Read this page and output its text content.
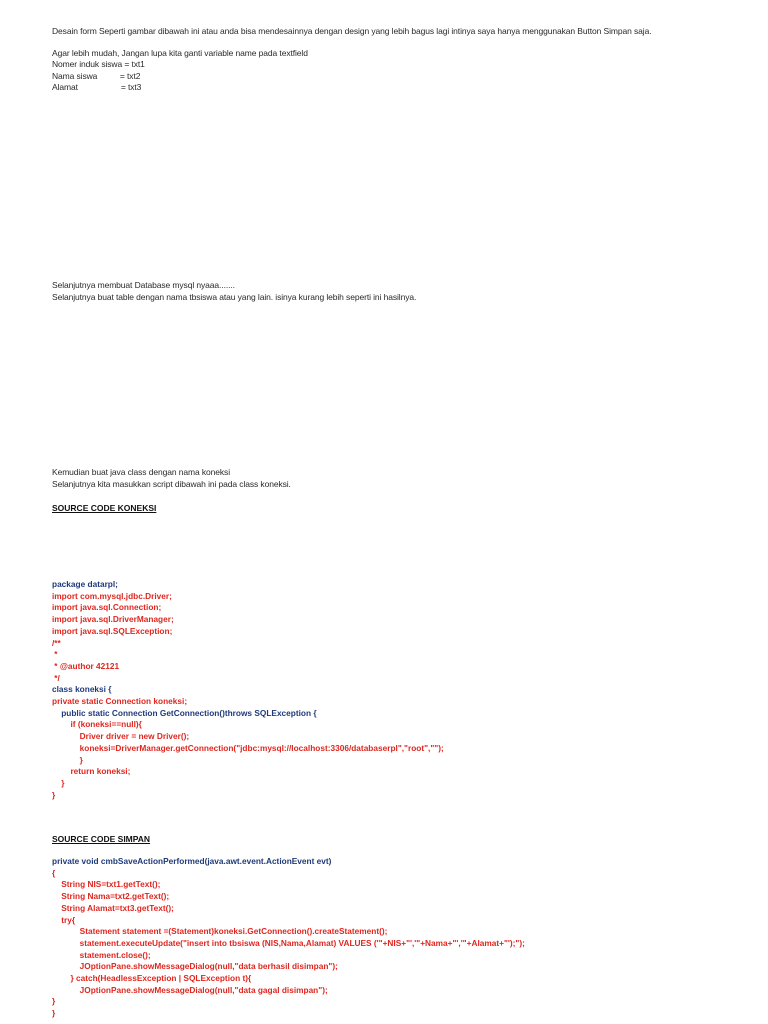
Desain form Seperti gambar dibawah ini atau anda bisa mendesainnya dengan design yang lebih bagus lagi intinya saya hanya menggunakan Button Simpan saja.
Agar lebih mudah, Jangan lupa kita ganti variable name pada textfield
Nomer induk siswa = txt1
Nama siswa          = txt2
Alamat                   = txt3
Selanjutnya membuat Database mysql nyaaa.......
Selanjutnya buat table dengan nama tbsiswa atau yang lain. isinya kurang lebih seperti ini hasilnya.
Kemudian buat java class dengan nama koneksi
Selanjutnya kita masukkan script dibawah ini pada class koneksi.
SOURCE CODE KONEKSI
package datarpl;
import com.mysql.jdbc.Driver;
import java.sql.Connection;
import java.sql.DriverManager;
import java.sql.SQLException;
/**
*
* @author 42121
*/
class koneksi {
private static Connection koneksi;
public static Connection GetConnection()throws SQLException {
if (koneksi==null){
Driver driver = new Driver();
koneksi=DriverManager.getConnection("jdbc:mysql://localhost:3306/databaserpl","root","");
}
return koneksi;
}
}
SOURCE CODE SIMPAN
private void cmbSaveActionPerformed(java.awt.event.ActionEvent evt)
{
String NIS=txt1.getText();
String Nama=txt2.getText();
String Alamat=txt3.getText();
try{
Statement statement =(Statement)koneksi.GetConnection().createStatement();
statement.executeUpdate("insert into tbsiswa (NIS,Nama,Alamat) VALUES ('"+NIS+"','"+Nama+"','"+Alamat+"');");
statement.close();
JOptionPane.showMessageDialog(null,"data berhasil disimpan");
} catch(HeadlessException | SQLException t){
JOptionPane.showMessageDialog(null,"data gagal disimpan");
}
}
